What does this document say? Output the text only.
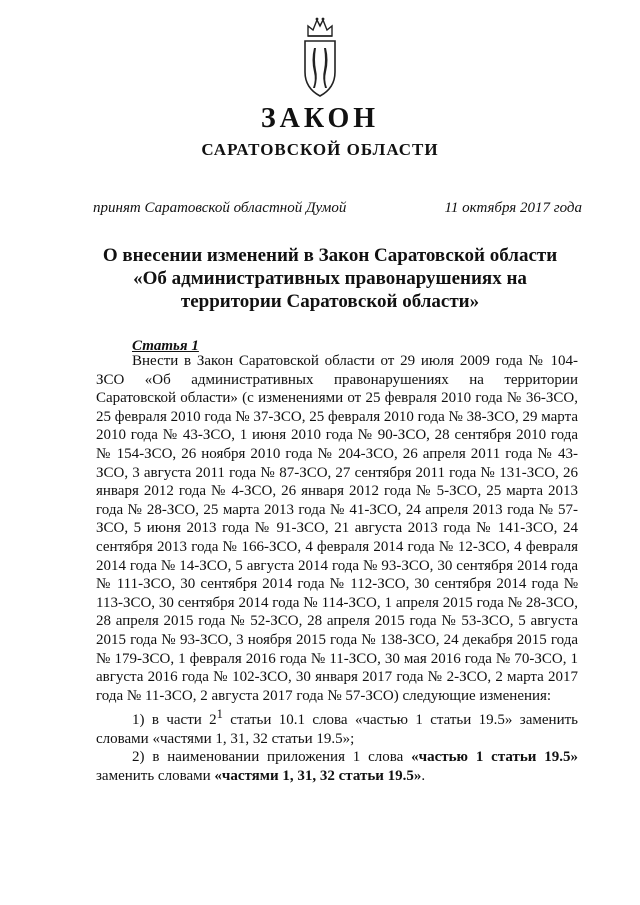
ЗАКОН
САРАТОВСКОЙ ОБЛАСТИ
принят Саратовской областной Думой	11 октября 2017 года
О внесении изменений в Закон Саратовской области
«Об административных правонарушениях на
территории Саратовской области»
Статья 1

Внести в Закон Саратовской области от 29 июля 2009 года № 104-ЗСО «Об административных правонарушениях на территории Саратовской области» (с изменениями от 25 февраля 2010 года № 36-ЗСО, 25 февраля 2010 года № 37-ЗСО, 25 февраля 2010 года № 38-ЗСО, 29 марта 2010 года № 43-ЗСО, 1 июня 2010 года № 90-ЗСО, 28 сентября 2010 года № 154-ЗСО, 26 ноября 2010 года № 204-ЗСО, 26 апреля 2011 года № 43-ЗСО, 3 августа 2011 года № 87-ЗСО, 27 сентября 2011 года № 131-ЗСО, 26 января 2012 года № 4-ЗСО, 26 января 2012 года № 5-ЗСО, 25 марта 2013 года № 28-ЗСО, 25 марта 2013 года № 41-ЗСО, 24 апреля 2013 года № 57-ЗСО, 5 июня 2013 года № 91-ЗСО, 21 августа 2013 года № 141-ЗСО, 24 сентября 2013 года № 166-ЗСО, 4 февраля 2014 года № 12-ЗСО, 4 февраля 2014 года № 14-ЗСО, 5 августа 2014 года № 93-ЗСО, 30 сентября 2014 года № 111-ЗСО, 30 сентября 2014 года № 112-ЗСО, 30 сентября 2014 года № 113-ЗСО, 30 сентября 2014 года № 114-ЗСО, 1 апреля 2015 года № 28-ЗСО, 28 апреля 2015 года № 52-ЗСО, 28 апреля 2015 года № 53-ЗСО, 5 августа 2015 года № 93-ЗСО, 3 ноября 2015 года № 138-ЗСО, 24 декабря 2015 года № 179-ЗСО, 1 февраля 2016 года № 11-ЗСО, 30 мая 2016 года № 70-ЗСО, 1 августа 2016 года № 102-ЗСО, 30 января 2017 года № 2-ЗСО, 2 марта 2017 года № 11-ЗСО, 2 августа 2017 года № 57-ЗСО) следующие изменения:

1) в части $2^1$ статьи 10.1 слова «частью 1 статьи 19.5» заменить словами «частями 1, 31, 32 статьи 19.5»;

2) в наименовании приложения 1 слова «частью 1 статьи 19.5» заменить словами «частями 1, 31, 32 статьи 19.5».
